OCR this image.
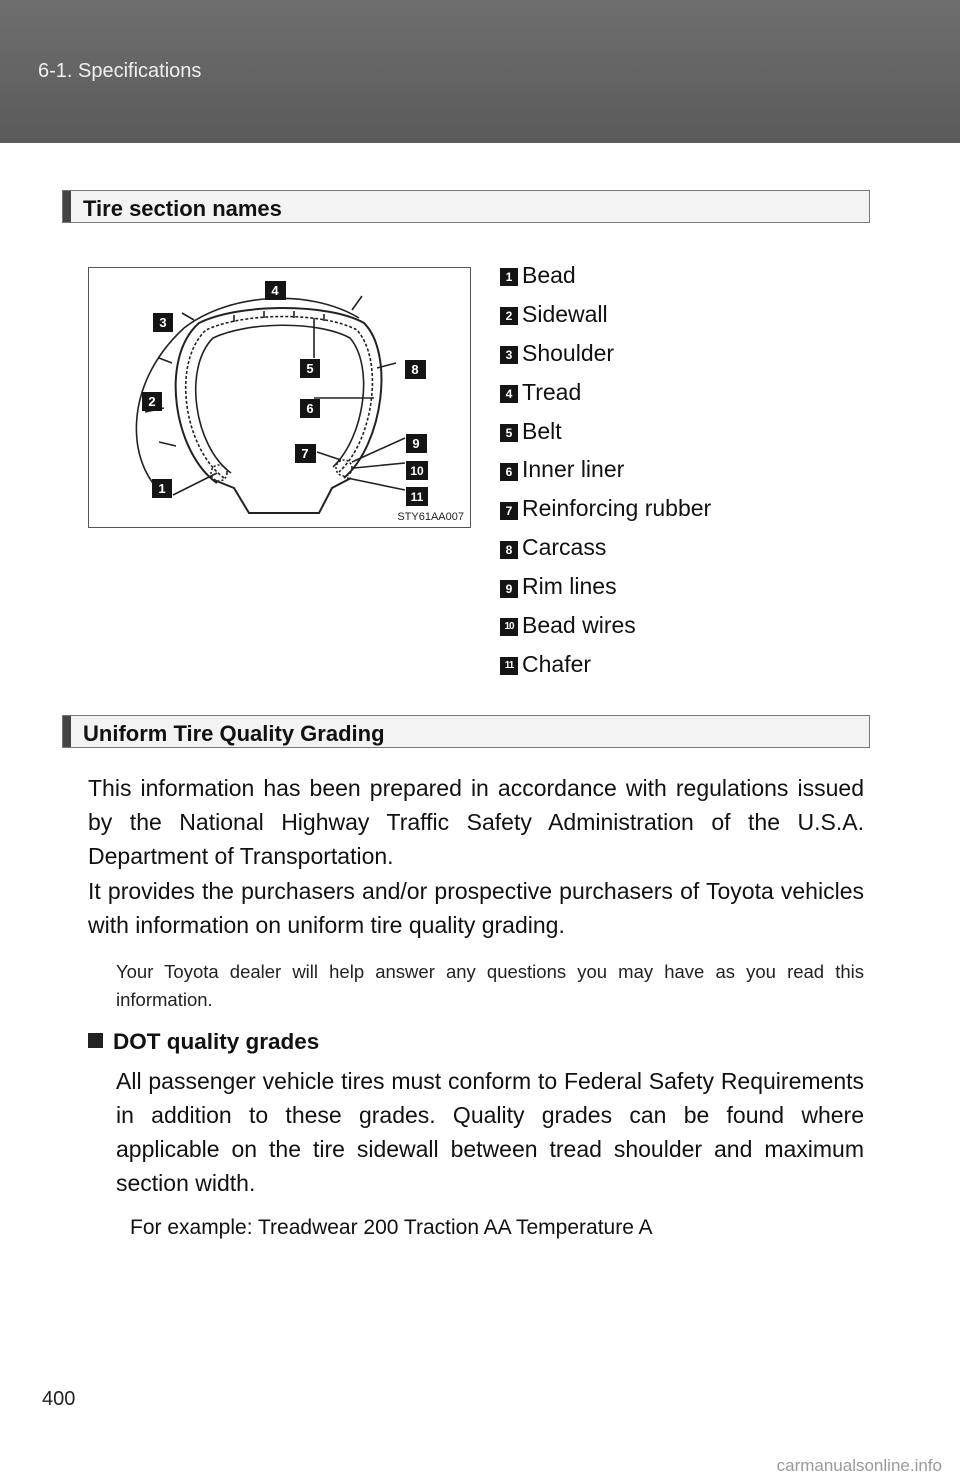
6-1. Specifications
Tire section names
1
2
3
4
5
6
7
8
9
10
11
STY61AA007
1 Bead
2 Sidewall
3 Shoulder
4 Tread
5 Belt
6 Inner liner
7 Reinforcing rubber
8 Carcass
9 Rim lines
10 Bead wires
11 Chafer
Uniform Tire Quality Grading

This information has been prepared in accordance with regulations issued by the National Highway Traffic Safety Administration of the U.S.A. Department of Transportation.

It provides the purchasers and/or prospective purchasers of Toyota vehicles with information on uniform tire quality grading.

Your Toyota dealer will help answer any questions you may have as you read this information.

DOT quality grades

All passenger vehicle tires must conform to Federal Safety Requirements in addition to these grades. Quality grades can be found where applicable on the tire sidewall between tread shoulder and maximum section width.

For example: Treadwear 200 Traction AA Temperature A
400
carmanualsonline.info
